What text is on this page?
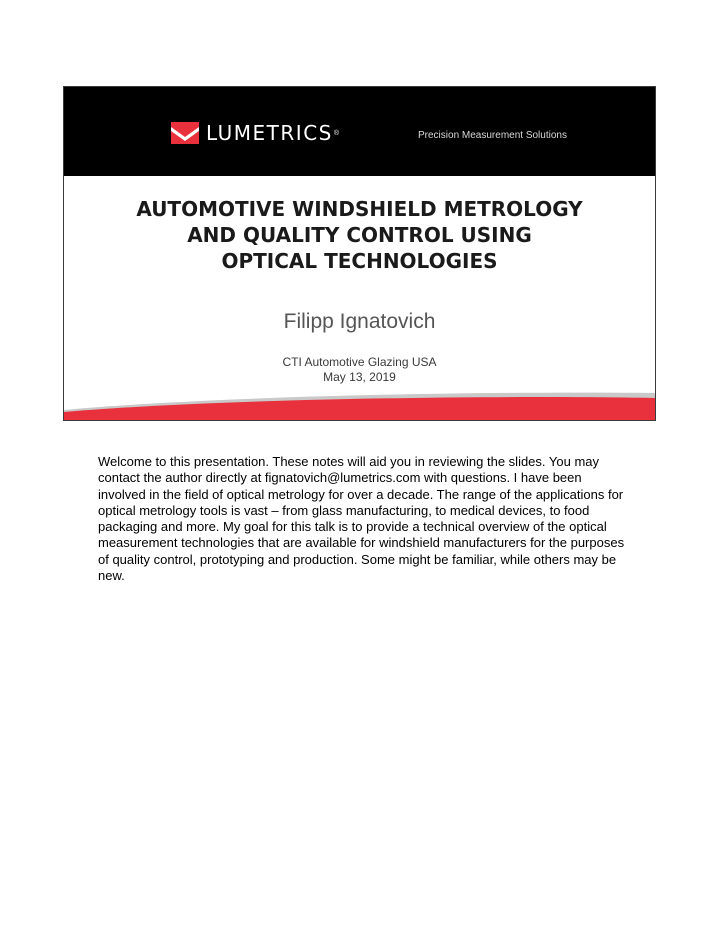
LUMETRICS ®	Precision Measurement Solutions
AUTOMOTIVE WINDSHIELD METROLOGY
AND QUALITY CONTROL USING
OPTICAL TECHNOLOGIES
Filipp Ignatovich
CTI Automotive Glazing USA
May 13, 2019

Welcome to this presentation. These notes will aid you in reviewing the slides. You may contact the author directly at fignatovich@lumetrics.com with questions. I have been involved in the field of optical metrology for over a decade. The range of the applications for optical metrology tools is vast – from glass manufacturing, to medical devices, to food packaging and more. My goal for this talk is to provide a technical overview of the optical measurement technologies that are available for windshield manufacturers for the purposes of quality control, prototyping and production. Some might be familiar, while others may be new.
